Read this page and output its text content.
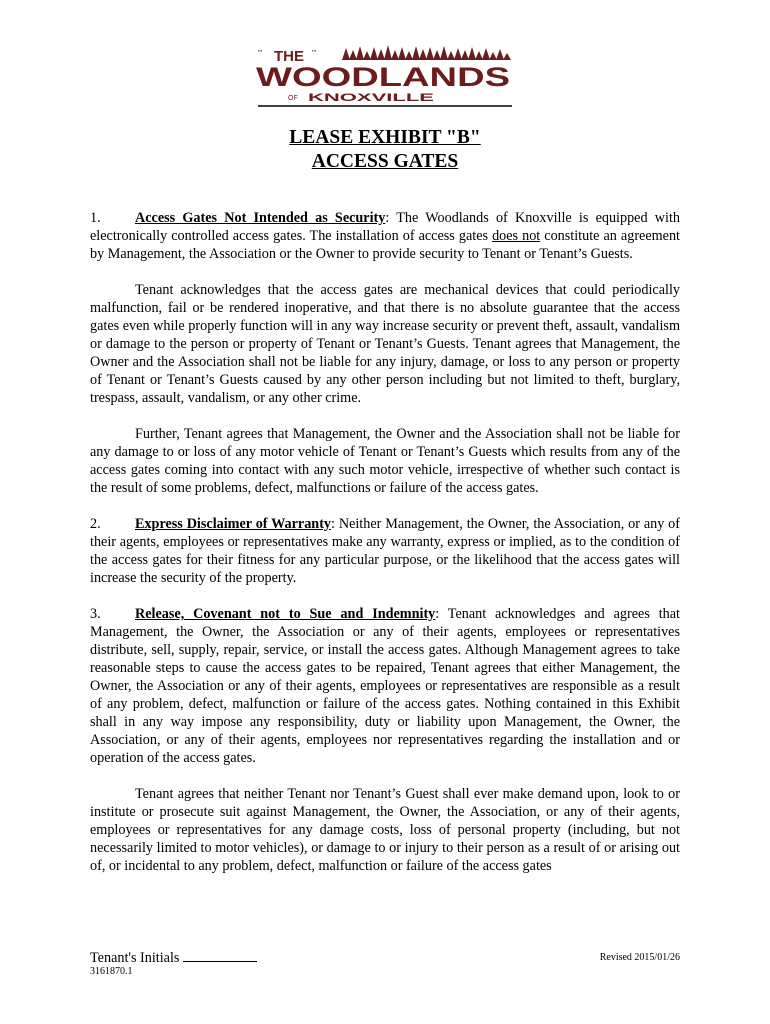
THE
"'	"'
WOODLANDS
OF KNOXVILLE
LEASE EXHIBIT "B"
ACCESS GATES

1. Access Gates Not Intended as Security: The Woodlands of Knoxville is equipped with electronically controlled access gates. The installation of access gates does not constitute an agreement by Management, the Association or the Owner to provide security to Tenant or Tenant’s Guests.

Tenant acknowledges that the access gates are mechanical devices that could periodically malfunction, fail or be rendered inoperative, and that there is no absolute guarantee that the access gates even while properly function will in any way increase security or prevent theft, assault, vandalism or damage to the person or property of Tenant or Tenant’s Guests. Tenant agrees that Management, the Owner and the Association shall not be liable for any injury, damage, or loss to any person or property of Tenant or Tenant’s Guests caused by any other person including but not limited to theft, burglary, trespass, assault, vandalism, or any other crime.

Further, Tenant agrees that Management, the Owner and the Association shall not be liable for any damage to or loss of any motor vehicle of Tenant or Tenant’s Guests which results from any of the access gates coming into contact with any such motor vehicle, irrespective of whether such contact is the result of some problems, defect, malfunctions or failure of the access gates.

2. Express Disclaimer of Warranty: Neither Management, the Owner, the Association, or any of their agents, employees or representatives make any warranty, express or implied, as to the condition of the access gates for their fitness for any particular purpose, or the likelihood that the access gates will increase the security of the property.

3. Release, Covenant not to Sue and Indemnity: Tenant acknowledges and agrees that Management, the Owner, the Association or any of their agents, employees or representatives distribute, sell, supply, repair, service, or install the access gates. Although Management agrees to take reasonable steps to cause the access gates to be repaired, Tenant agrees that either Management, the Owner, the Association or any of their agents, employees or representatives are responsible as a result of any problem, defect, malfunction or failure of the access gates. Nothing contained in this Exhibit shall in any way impose any responsibility, duty or liability upon Management, the Owner, the Association, or any of their agents, employees nor representatives regarding the installation and or operation of the access gates.

Tenant agrees that neither Tenant nor Tenant’s Guest shall ever make demand upon, look to or institute or prosecute suit against Management, the Owner, the Association, or any of their agents, employees or representatives for any damage costs, loss of personal property (including, but not necessarily limited to motor vehicles), or damage to or injury to their person as a result of or arising out of, or incidental to any problem, defect, malfunction or failure of the access gates

Tenant's Initials
3161870.1
Revised 2015/01/26
